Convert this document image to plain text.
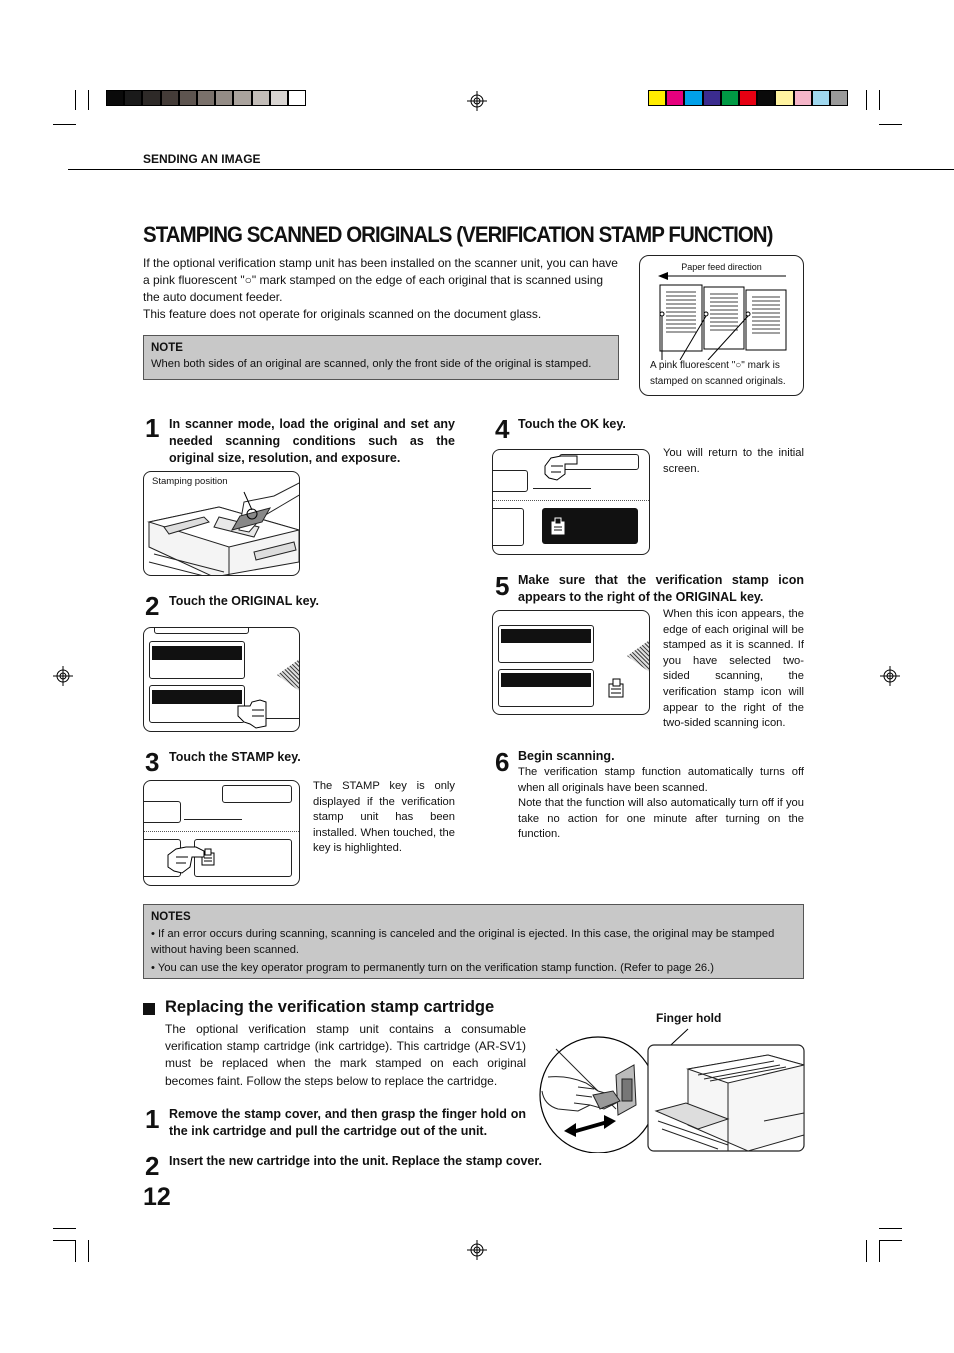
SENDING AN IMAGE
STAMPING SCANNED ORIGINALS (VERIFICATION STAMP FUNCTION)

If the optional verification stamp unit has been installed on the scanner unit, you can have a pink fluorescent "○" mark stamped on the edge of each original that is scanned using the auto document feeder.

This feature does not operate for originals scanned on the document glass.

NOTE
When both sides of an original are scanned, only the front side of the original is stamped.
Paper feed direction
A pink fluorescent "○" mark is stamped on scanned originals.
1 In scanner mode, load the original and set any needed scanning conditions such as the original size, resolution, and exposure.
Stamping position
2 Touch the ORIGINAL key.
3 Touch the STAMP key.
The STAMP key is only displayed if the verification stamp unit has been installed. When touched, the key is highlighted.
4 Touch the OK key.
You will return to the initial screen.
5 Make sure that the verification stamp icon appears to the right of the ORIGINAL key.
When this icon appears, the edge of each original will be stamped as it is scanned. If you have selected two-sided scanning, the verification stamp icon will appear to the right of the two-sided scanning icon.
6 Begin scanning.

The verification stamp function automatically turns off when all originals have been scanned.

Note that the function will also automatically turn off if you take no action for one minute after turning on the function.

NOTES
• If an error occurs during scanning, scanning is canceled and the original is ejected. In this case, the original may be stamped without having been scanned.
• You can use the key operator program to permanently turn on the verification stamp function. (Refer to page 26.)
Replacing the verification stamp cartridge
The optional verification stamp unit contains a consumable verification stamp cartridge (ink cartridge). This cartridge (AR-SV1) must be replaced when the mark stamped on each original becomes faint. Follow the steps below to replace the cartridge.
1 Remove the stamp cover, and then grasp the finger hold on the ink cartridge and pull the cartridge out of the unit.
2 Insert the new cartridge into the unit. Replace the stamp cover.
Finger hold
12
